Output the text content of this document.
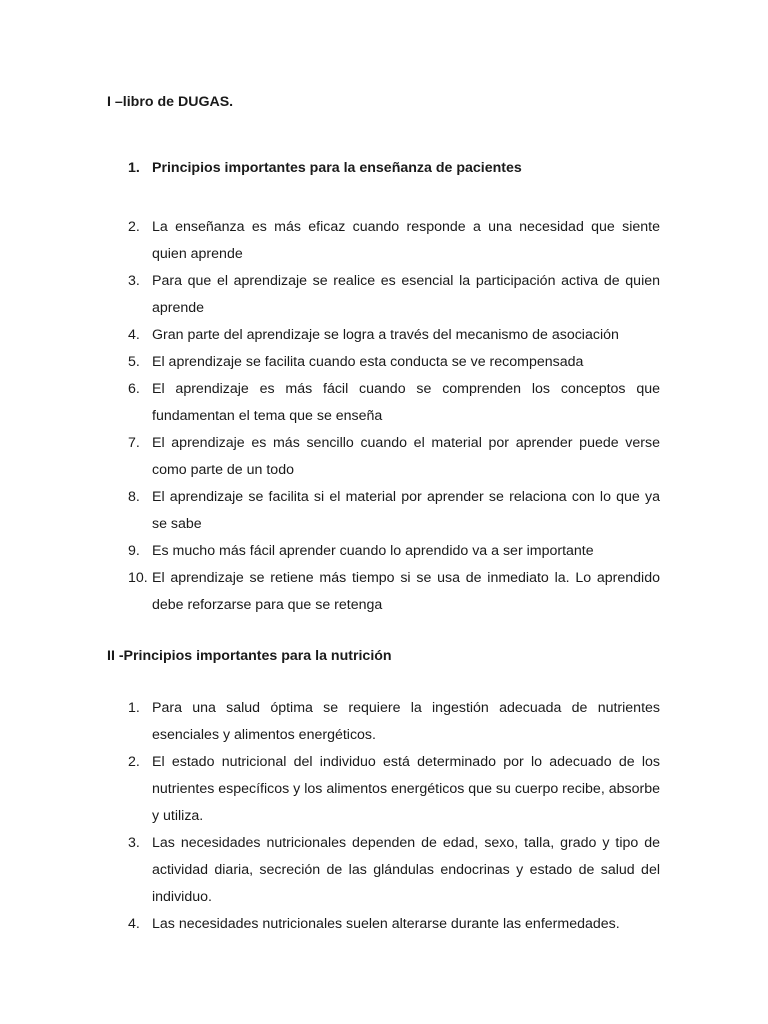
I –libro de DUGAS.
1. Principios importantes para la enseñanza de pacientes
2. La enseñanza es más eficaz cuando responde a una necesidad que siente quien aprende
3. Para que el aprendizaje se realice es esencial la participación activa de quien aprende
4. Gran parte del aprendizaje se logra a través del mecanismo de asociación
5. El aprendizaje se facilita cuando esta conducta se ve recompensada
6. El aprendizaje es más fácil cuando se comprenden los conceptos que fundamentan el tema que se enseña
7. El aprendizaje es más sencillo cuando el material por aprender puede verse como parte de un todo
8. El aprendizaje se facilita si el material por aprender se relaciona con lo que ya se sabe
9. Es mucho más fácil aprender cuando lo aprendido va a ser importante
10. El aprendizaje se retiene más tiempo si se usa de inmediato la. Lo aprendido debe reforzarse para que se retenga
II -Principios importantes para la nutrición
1. Para una salud óptima se requiere la ingestión adecuada de nutrientes esenciales y alimentos energéticos.
2. El estado nutricional del individuo está determinado por lo adecuado de los nutrientes específicos y los alimentos energéticos que su cuerpo recibe, absorbe y utiliza.
3. Las necesidades nutricionales dependen de edad, sexo, talla, grado y tipo de actividad diaria, secreción de las glándulas endocrinas y estado de salud del individuo.
4. Las necesidades nutricionales suelen alterarse durante las enfermedades.
